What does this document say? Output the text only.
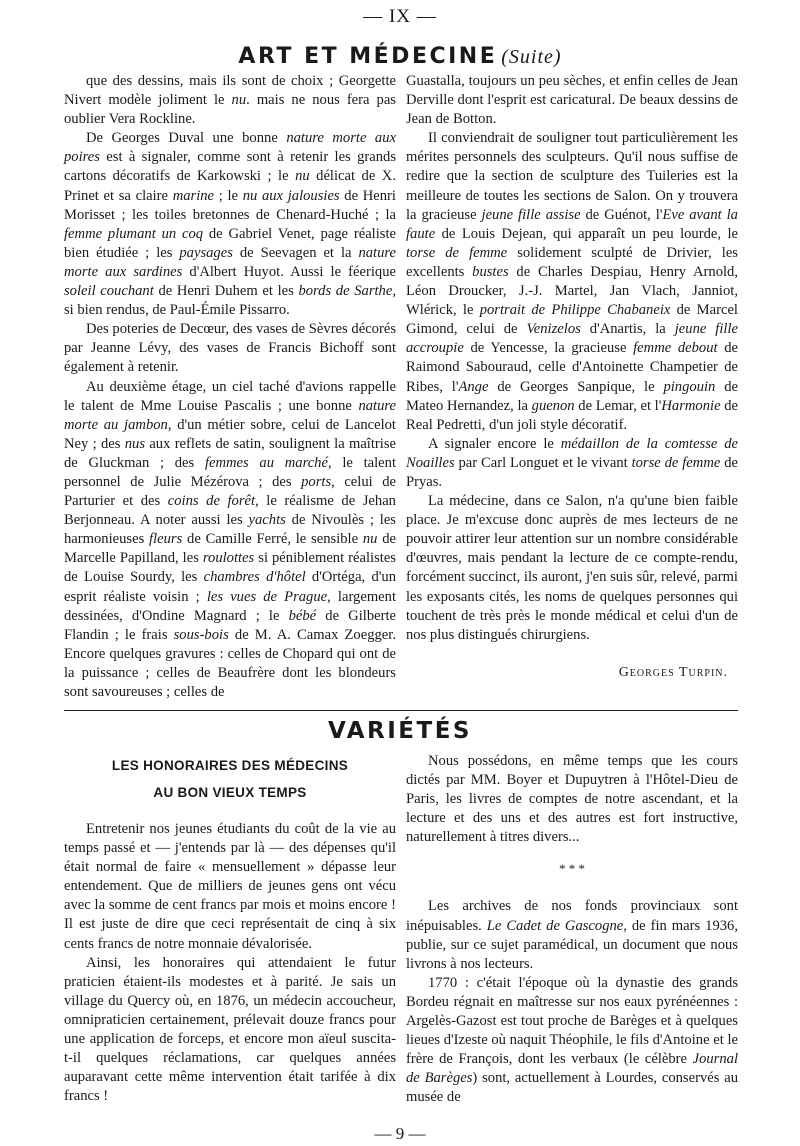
— IX —
ART ET MÉDECINE (Suite)

que des dessins, mais ils sont de choix ; Georgette Nivert modèle joliment le nu. mais ne nous fera pas oublier Vera Rockline.

De Georges Duval une bonne nature morte aux poires est à signaler, comme sont à retenir les grands cartons décoratifs de Karkowski ; le nu délicat de X. Prinet et sa claire marine ; le nu aux jalousies de Henri Morisset ; les toiles bretonnes de Chenard-Huché ; la femme plumant un coq de Gabriel Venet, page réaliste bien étudiée ; les paysages de Seevagen et la nature morte aux sardines d'Albert Huyot. Aussi le féerique soleil couchant de Henri Duhem et les bords de Sarthe, si bien rendus, de Paul-Émile Pissarro.

Des poteries de Decœur, des vases de Sèvres décorés par Jeanne Lévy, des vases de Francis Bichoff sont également à retenir.

Au deuxième étage, un ciel taché d'avions rappelle le talent de Mme Louise Pascalis ; une bonne nature morte au jambon, d'un métier sobre, celui de Lancelot Ney ; des nus aux reflets de satin, soulignent la maîtrise de Gluckman ; des femmes au marché, le talent personnel de Julie Mézérova ; des ports, celui de Parturier et des coins de forêt, le réalisme de Jehan Berjonneau. A noter aussi les yachts de Nivoulès ; les harmonieuses fleurs de Camille Ferré, le sensible nu de Marcelle Papilland, les roulottes si péniblement réalistes de Louise Sourdy, les chambres d'hôtel d'Ortéga, d'un esprit réaliste voisin ; les vues de Prague, largement dessinées, d'Ondine Magnard ; le bébé de Gilberte Flandin ; le frais sous-bois de M. A. Camax Zoegger. Encore quelques gravures : celles de Chopard qui ont de la puissance ; celles de Beaufrère dont les blondeurs sont savoureuses ; celles de

Guastalla, toujours un peu sèches, et enfin celles de Jean Derville dont l'esprit est caricatural. De beaux dessins de Jean de Botton.

Il conviendrait de souligner tout particulièrement les mérites personnels des sculpteurs. Qu'il nous suffise de redire que la section de sculpture des Tuileries est la meilleure de toutes les sections de Salon. On y trouvera la gracieuse jeune fille assise de Guénot, l'Eve avant la faute de Louis Dejean, qui apparaît un peu lourde, le torse de femme solidement sculpté de Drivier, les excellents bustes de Charles Despiau, Henry Arnold, Léon Droucker, J.-J. Martel, Jan Vlach, Janniot, Wlérick, le portrait de Philippe Chabaneix de Marcel Gimond, celui de Venizelos d'Anartis, la jeune fille accroupie de Yencesse, la gracieuse femme debout de Raimond Sabouraud, celle d'Antoinette Champetier de Ribes, l'Ange de Georges Sanpique, le pingouin de Mateo Hernandez, la guenon de Lemar, et l'Harmonie de Real Pedretti, d'un joli style décoratif.

A signaler encore le médaillon de la comtesse de Noailles par Carl Longuet et le vivant torse de femme de Pryas.

La médecine, dans ce Salon, n'a qu'une bien faible place. Je m'excuse donc auprès de mes lecteurs de ne pouvoir attirer leur attention sur un nombre considérable d'œuvres, mais pendant la lecture de ce compte-rendu, forcément succinct, ils auront, j'en suis sûr, relevé, parmi les exposants cités, les noms de quelques personnes qui touchent de très près le monde médical et celui d'un de nos plus distingués chirurgiens.

Georges Turpin.

VARIÉTÉS
LES HONORAIRES DES MÉDECINS
AU BON VIEUX TEMPS

Entretenir nos jeunes étudiants du coût de la vie au temps passé et — j'entends par là — des dépenses qu'il était normal de faire « mensuellement » dépasse leur entendement. Que de milliers de jeunes gens ont vécu avec la somme de cent francs par mois et moins encore ! Il est juste de dire que ceci représentait de cinq à six cents francs de notre monnaie dévalorisée.

Ainsi, les honoraires qui attendaient le futur praticien étaient-ils modestes et à parité. Je sais un village du Quercy où, en 1876, un médecin accoucheur, omnipraticien certainement, prélevait douze francs pour une application de forceps, et encore mon aïeul suscita-t-il quelques réclamations, car quelques années auparavant cette même intervention était tarifée à dix francs !

Nous possédons, en même temps que les cours dictés par MM. Boyer et Dupuytren à l'Hôtel-Dieu de Paris, les livres de comptes de notre ascendant, et la lecture et des uns et des autres est fort instructive, naturellement à titres divers...

* * *

Les archives de nos fonds provinciaux sont inépuisables. Le Cadet de Gascogne, de fin mars 1936, publie, sur ce sujet paramédical, un document que nous livrons à nos lecteurs.

1770 : c'était l'époque où la dynastie des grands Bordeu régnait en maîtresse sur nos eaux pyrénéennes : Argelès-Gazost est tout proche de Barèges et à quelques lieues d'Izeste où naquit Théophile, le fils d'Antoine et le frère de François, dont les verbaux (le célèbre Journal de Barèges) sont, actuellement à Lourdes, conservés au musée de

— 9 —
